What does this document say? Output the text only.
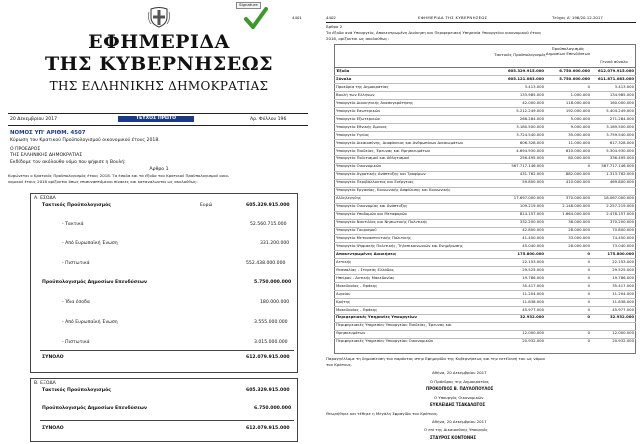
Signature
4401
ΕΦΗΜΕΡΙΔΑ
ΤΗΣ ΚΥΒΕΡΝΗΣΕΩΣ
ΤΗΣ ΕΛΛΗΝΙΚΗΣ ΔΗΜΟΚΡΑΤΙΑΣ
20 Δεκεμβρίου 2017	ΤΕΥΧΟΣ ΠΡΩΤΟ	Αρ. Φύλλου 196
ΝΟΜΟΣ ΥΠ' ΑΡΙΘΜ. 4507
Κύρωση του Κρατικού Προϋπολογισμού οικονομικού έτους 2018.
Ο ΠΡΟΕΔΡΟΣ
ΤΗΣ ΕΛΛΗΝΙΚΗΣ ΔΗΜΟΚΡΑΤΙΑΣ
Εκδίδομε τον ακόλουθο νόμο που ψήφισε η Βουλή:
Άρθρο 1
Κυρώνεται ο Κρατικός Προϋπολογισμός έτους 2018. Τα έσοδα και τα έξοδα του Κρατικού Προϋπολογισμού οικο-
νομικού έτους 2018 ορίζονται όπως επισυναπτόμενοι πίνακες και καταναλωνται ως ακολούθως:
Α. ΕΣΟΔΑ
Τακτικός Προϋπολογισμός	Ευρώ	605.329.915.000
- Τακτικά	52.560.715.000
- Από Ευρωπαϊκή Ένωση	331.200.000
- Πιστωτικά	552.438.000.000
Προϋπολογισμός Δημοσίων Επενδύσεων	5.750.000.000
- Ίδια έσοδα	180.000.000
- Από Ευρωπαϊκή Ένωση	3.555.000.000
- Πιστωτικά	3.015.000.000
ΣΥΝΟΛΟ	612.079.915.000
Β. ΕΞΟΔΑ
Τακτικός Προϋπολογισμός	605.329.915.000
Προϋπολογισμός Δημοσίων Επενδύσεων	6.750.000.000
ΣΥΝΟΛΟ	612.079.915.000
4402	ΕΦΗΜΕΡΙΔΑ ΤΗΣ ΚΥΒΕΡΝΗΣΕΩΣ	Τεύχος Α' 196/20.12.2017
Άρθρο 2
Τα έξοδα ανά Υπουργείο, Αποκεντρωμένη Διοίκηση και Περιφερειακή Υπηρεσία Υπουργείου οικονομικού έτους
2018, ορίζονται ως ακολούθως:
Τακτικός Προϋπολογισμός
Προϋπολογισμός Δημοσίων Επενδύσεων
Γενικό σύνολο
Έξοδα	605.329.915.000	6.750.000.000 612.079.915.000
Σύνολο	605.121.083.000	5.750.000.000 611.871.083.000
Προεδρία της Δημοκρατίας	3.413.000	0	3.413.000
Βουλή των Ελλήνων	133.985.000	1.000.000	134.985.000
Υπουργείο Διοικητικής Ανασυγκρότησης	42.000.000	118.000.000	160.000.000
Υπουργείο Εσωτερικών	5.212.249.000	192.000.000	5.404.249.000
Υπουργείο Εξωτερικών	266.284.000	5.000.000	271.284.000
Υπουργείο Εθνικής Άμυνας	3.180.500.000	9.000.000	3.189.500.000
Υπουργείο Υγείας	3.724.540.000	35.000.000	3.759.540.000
Υπουργείο Δικαιοσύνης, Διαφάνειας και Ανθρωπίνων Δικαιωμάτων	606.328.000	11.000.000	617.328.000
Υπουργείο Παιδείας, Έρευνας και Θρησκευμάτων	4.694.930.000	610.000.000	5.304.930.000
Υπουργείο Πολιτισμού και Αθλητισμού	256.495.000	80.000.000	336.495.000
Υπουργείο Οικονομικών	567.717.146.000	0	567.717.146.000
Υπουργείο Αγροτικής Ανάπτυξης και Τροφίμων	431.762.000	882.000.000	1.313.762.000
Υπουργείο Περιβάλλοντος και Ενέργειας	59.800.000	410.000.000	469.800.000
Υπουργείο Εργασίας, Κοινωνικής Ασφάλισης και Κοινωνικής
Αλληλεγγύης	17.697.000.000	370.000.000	18.067.000.000
Υπουργείο Οικονομίας και Ανάπτυξης	109.219.000	2.148.000.000	2.257.219.000
Υπουργείο Υποδομών και Μεταφορών	814.157.000	1.664.000.000	2.478.157.000
Υπουργείο Ναυτιλίας και Νησιωτικής Πολιτικής	332.200.000	38.000.000	370.200.000
Υπουργείο Τουρισμού	42.800.000	28.000.000	70.800.000
Υπουργείο Μεταναστευτικής Πολιτικής	41.450.000	33.000.000	74.450.000
Υπουργείο Ψηφιακής Πολιτικής, Τηλεπικοινωνιών και Ενημέρωσης	45.040.000	28.000.000	73.040.000
Αποκεντρωμένες Διοικήσεις	175.800.000	0	175.800.000
Αττικής	22.153.000	0	22.153.000
Θεσσαλίας - Στερεάς Ελλάδας	29.525.000	0	29.525.000
Ηπείρου - Δυτικής Μακεδονίας	19.786.000	0	19.786.000
Μακεδονίας - Θράκης	35.417.000	0	35.417.000
Αιγαίου	11.204.000	0	11.204.000
Κρήτης	11.838.000	0	11.838.000
Μακεδονίας - Θράκης	45.977.000	0	45.977.000
Περιφερειακές Υπηρεσίες Υπουργείων	32.932.000	0	32.932.000
Περιφερειακές Υπηρεσίες Υπουργείου Παιδείας, Έρευνας και
Θρησκευμάτων	12.000.000	0	12.000.000
Περιφερειακές Υπηρεσίες Υπουργείου Οικονομικών	20.932.000	0	20.932.000
Παραγγέλλομε τη δημοσίευση του παρόντος στην Εφημερίδα της Κυβερνήσεως και την εκτέλεσή του ως νόμου
του Κράτους.
Αθήνα, 20 Δεκεμβρίου 2017
Ο Πρόεδρος της Δημοκρατίας
ΠΡΟΚΟΠΙΟΣ Β. ΠΑΥΛΟΠΟΥΛΟΣ
Ο Υπουργός Οικονομικών
ΕΥΚΛΕΙΔΗΣ ΤΣΑΚΑΛΩΤΟΣ
Θεωρήθηκε και τέθηκε η Μεγάλη Σφραγίδα του Κράτους.
Αθήνα, 20 Δεκεμβρίου 2017
Ο επί της Δικαιοσύνης Υπουργός
ΣΤΑΥΡΟΣ ΚΟΝΤΟΝΗΣ
